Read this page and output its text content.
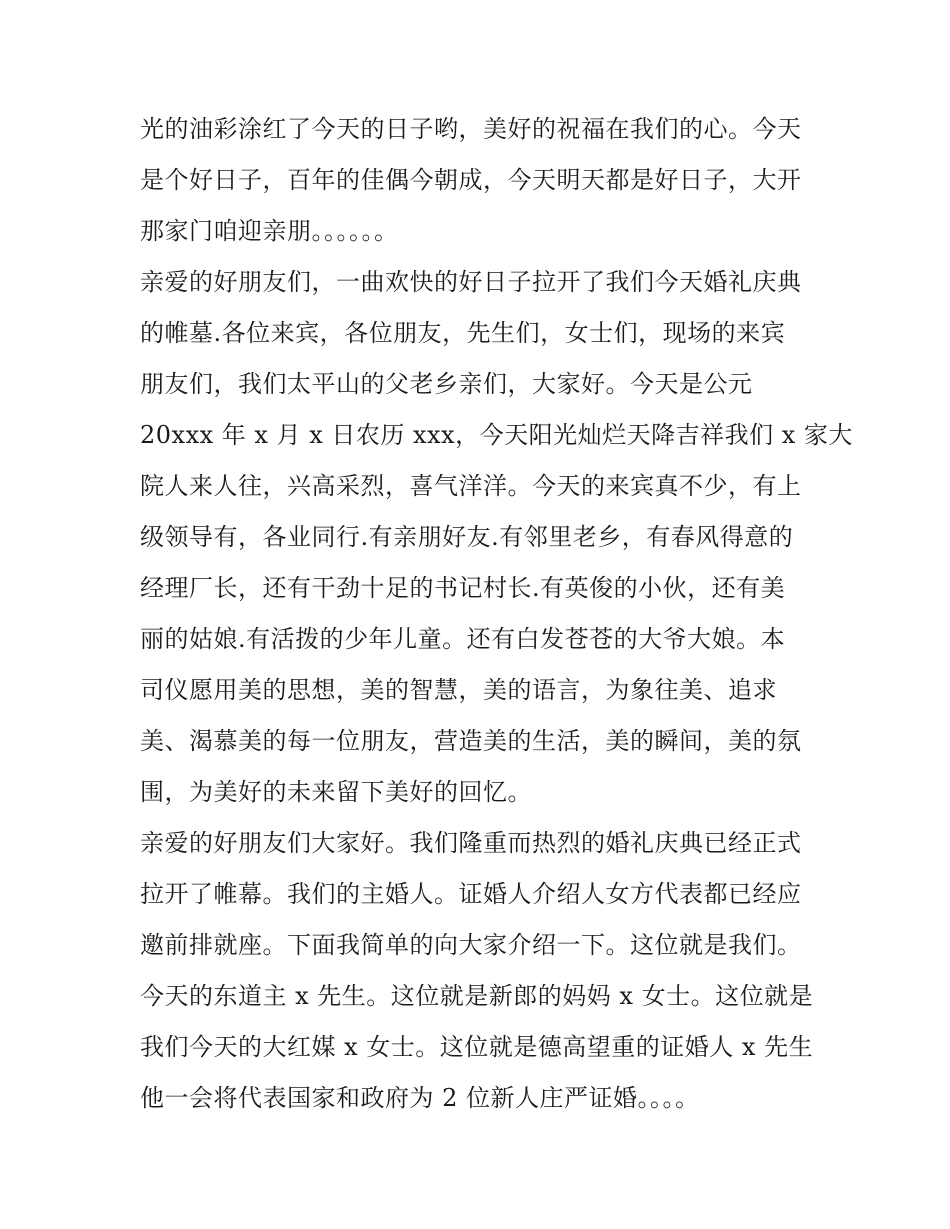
光的油彩涂红了今天的日子哟，美好的祝福在我们的心。今天
是个好日子，百年的佳偶今朝成，今天明天都是好日子，大开
那家门咱迎亲朋。。。。。。
亲爱的好朋友们，一曲欢快的好日子拉开了我们今天婚礼庆典
的帷墓.各位来宾，各位朋友，先生们，女士们，现场的来宾
朋友们，我们太平山的父老乡亲们，大家好。今天是公元
20xxx 年 x 月 x 日农历 xxx，今天阳光灿烂天降吉祥我们 x 家大
院人来人往，兴高采烈，喜气洋洋。今天的来宾真不少，有上
级领导有，各业同行.有亲朋好友.有邻里老乡，有春风得意的
经理厂长，还有干劲十足的书记村长.有英俊的小伙，还有美
丽的姑娘.有活拨的少年儿童。还有白发苍苍的大爷大娘。本
司仪愿用美的思想，美的智慧，美的语言，为象往美、追求
美、渴慕美的每一位朋友，营造美的生活，美的瞬间，美的氛
围，为美好的未来留下美好的回忆。
亲爱的好朋友们大家好。我们隆重而热烈的婚礼庆典已经正式
拉开了帷幕。我们的主婚人。证婚人介绍人女方代表都已经应
邀前排就座。下面我简单的向大家介绍一下。这位就是我们。
今天的东道主 x 先生。这位就是新郎的妈妈 x 女士。这位就是
我们今天的大红媒 x 女士。这位就是德高望重的证婚人 x 先生
他一会将代表国家和政府为 2 位新人庄严证婚。。。。
